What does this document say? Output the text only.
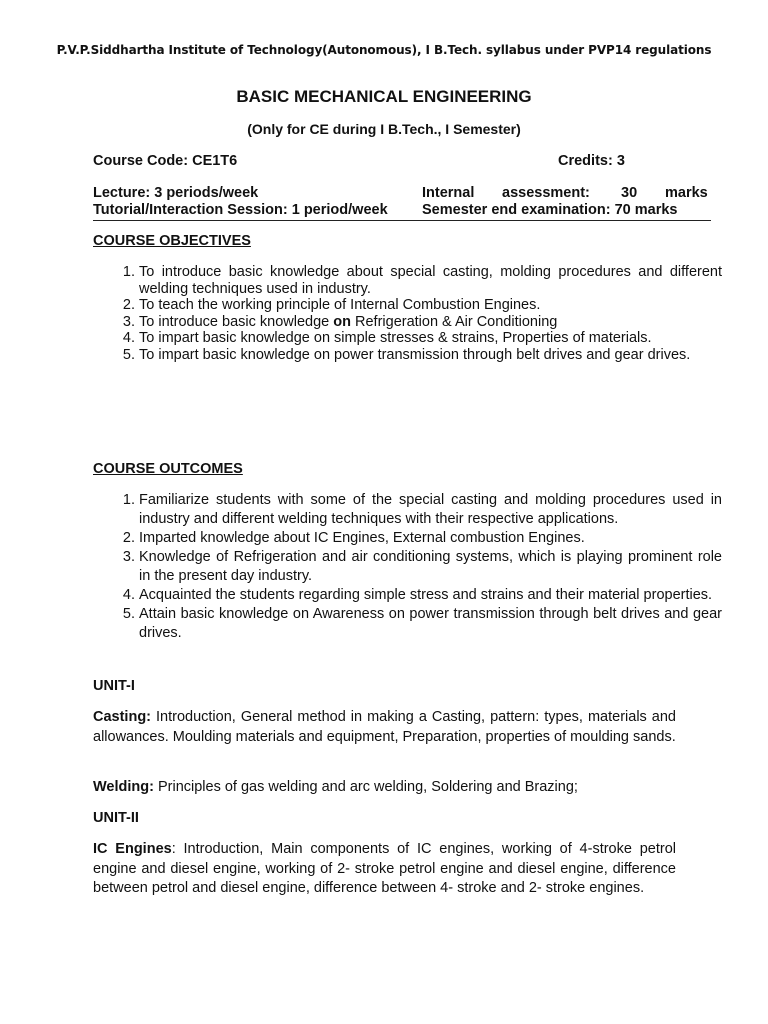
P.V.P.Siddhartha Institute of Technology(Autonomous), I B.Tech. syllabus under PVP14 regulations
BASIC MECHANICAL ENGINEERING
(Only for CE during I B.Tech., I Semester)
Course Code: CE1T6	Credits: 3
Lecture: 3 periods/week	Internal assessment: 30 marks
Tutorial/Interaction Session: 1 period/week Semester end examination: 70 marks
COURSE OBJECTIVES
1. To introduce basic knowledge about special casting, molding procedures and different welding techniques used in industry.
2. To teach the working principle of Internal Combustion Engines.
3. To introduce basic knowledge on Refrigeration & Air Conditioning
4. To impart basic knowledge on simple stresses & strains, Properties of materials.
5. To impart basic knowledge on power transmission through belt drives and gear drives.
COURSE OUTCOMES
1. Familiarize students with some of the special casting and molding procedures used in industry and different welding techniques with their respective applications.
2. Imparted knowledge about IC Engines, External combustion Engines.
3. Knowledge of Refrigeration and air conditioning systems, which is playing prominent role in the present day industry.
4. Acquainted the students regarding simple stress and strains and their material properties.
5. Attain basic knowledge on Awareness on power transmission through belt drives and gear drives.
UNIT-I

Casting: Introduction, General method in making a Casting, pattern: types, materials and allowances. Moulding materials and equipment, Preparation, properties of moulding sands.

Welding: Principles of gas welding and arc welding, Soldering and Brazing;

UNIT-II

IC Engines: Introduction, Main components of IC engines, working of 4-stroke petrol engine and diesel engine, working of 2- stroke petrol engine and diesel engine, difference between petrol and diesel engine, difference between 4- stroke and 2- stroke engines.
